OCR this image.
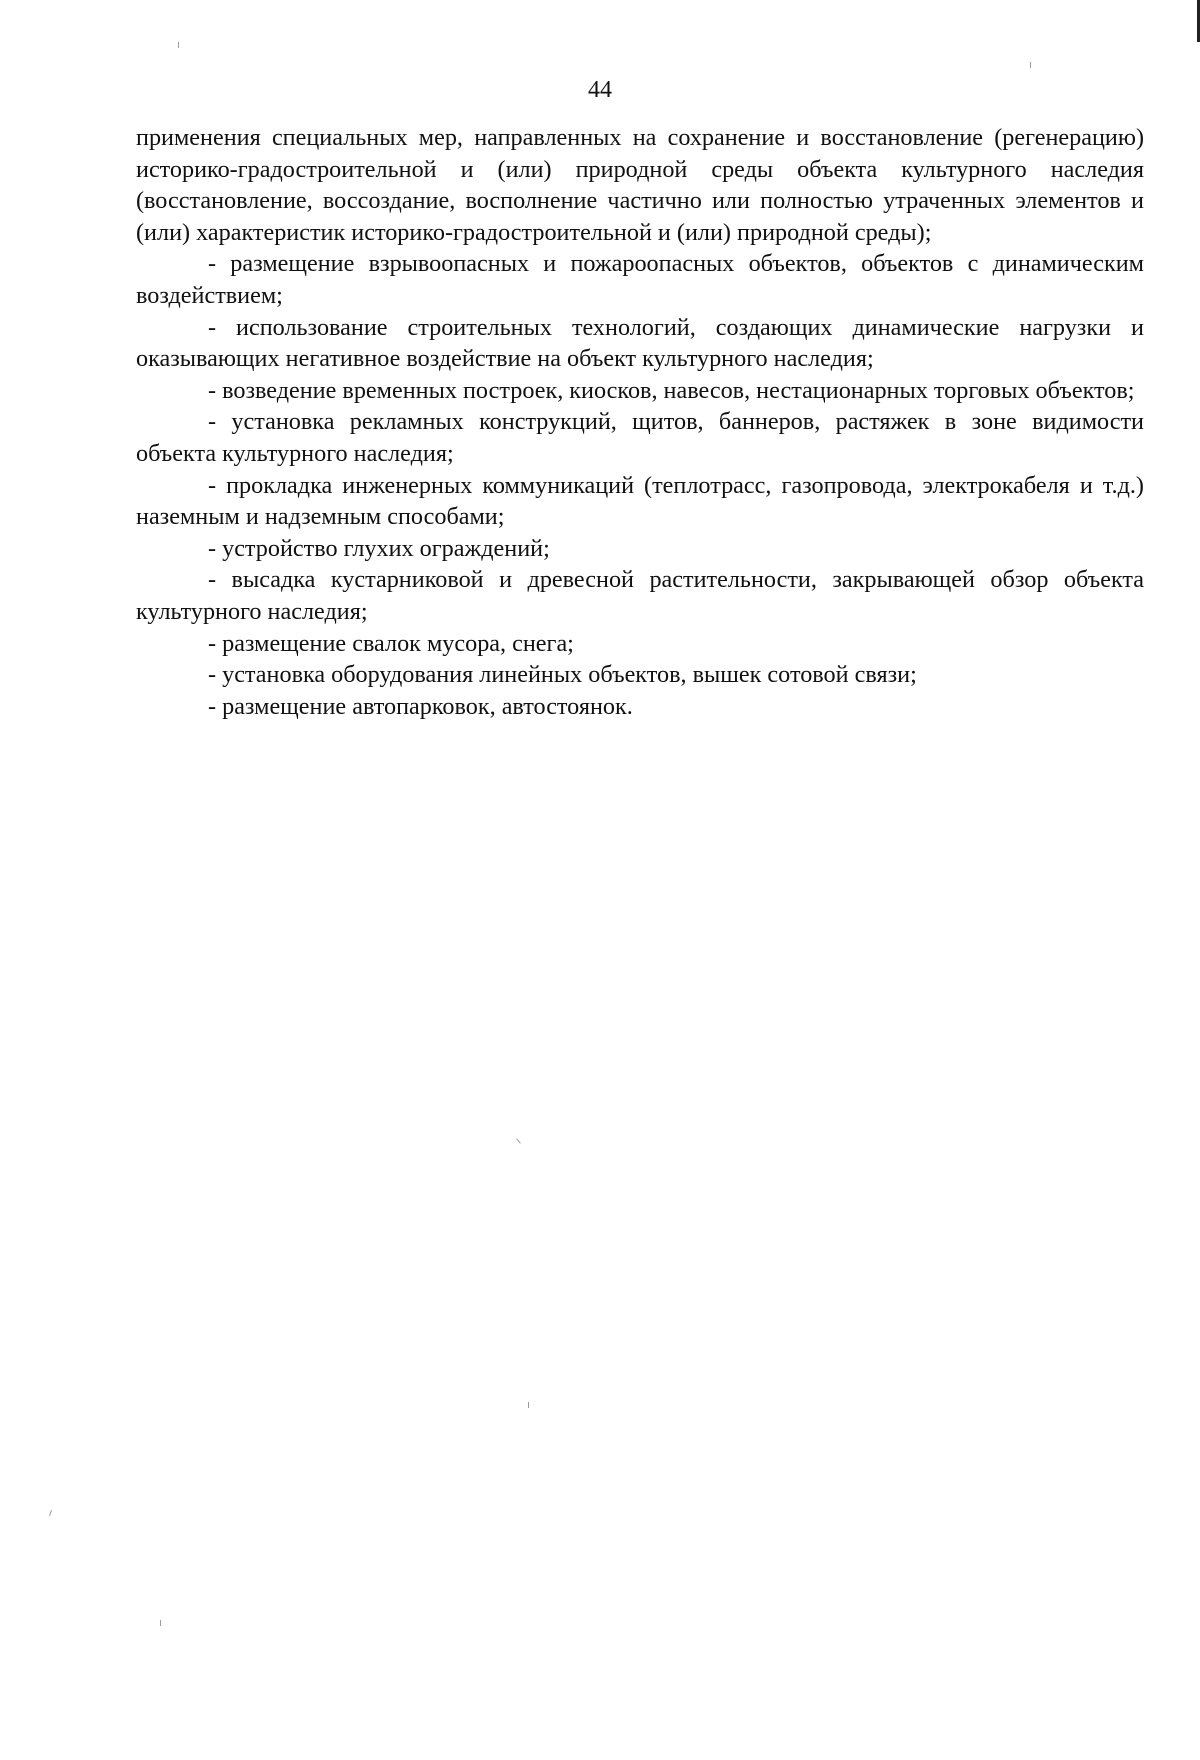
44

применения специальных мер, направленных на сохранение и восстановление (регенерацию) историко-градостроительной и (или) природной среды объекта культурного наследия (восстановление, воссоздание, восполнение частично или полностью утраченных элементов и (или) характеристик историко-градостроительной и (или) природной среды);

- размещение взрывоопасных и пожароопасных объектов, объектов с динамическим воздействием;

- использование строительных технологий, создающих динамические нагрузки и оказывающих негативное воздействие на объект культурного наследия;

- возведение временных построек, киосков, навесов, нестационарных торговых объектов;

- установка рекламных конструкций, щитов, баннеров, растяжек в зоне видимости объекта культурного наследия;

- прокладка инженерных коммуникаций (теплотрасс, газопровода, электрокабеля и т.д.) наземным и надземным способами;

- устройство глухих ограждений;

- высадка кустарниковой и древесной растительности, закрывающей обзор объекта культурного наследия;

- размещение свалок мусора, снега;

- установка оборудования линейных объектов, вышек сотовой связи;

- размещение автопарковок, автостоянок.
